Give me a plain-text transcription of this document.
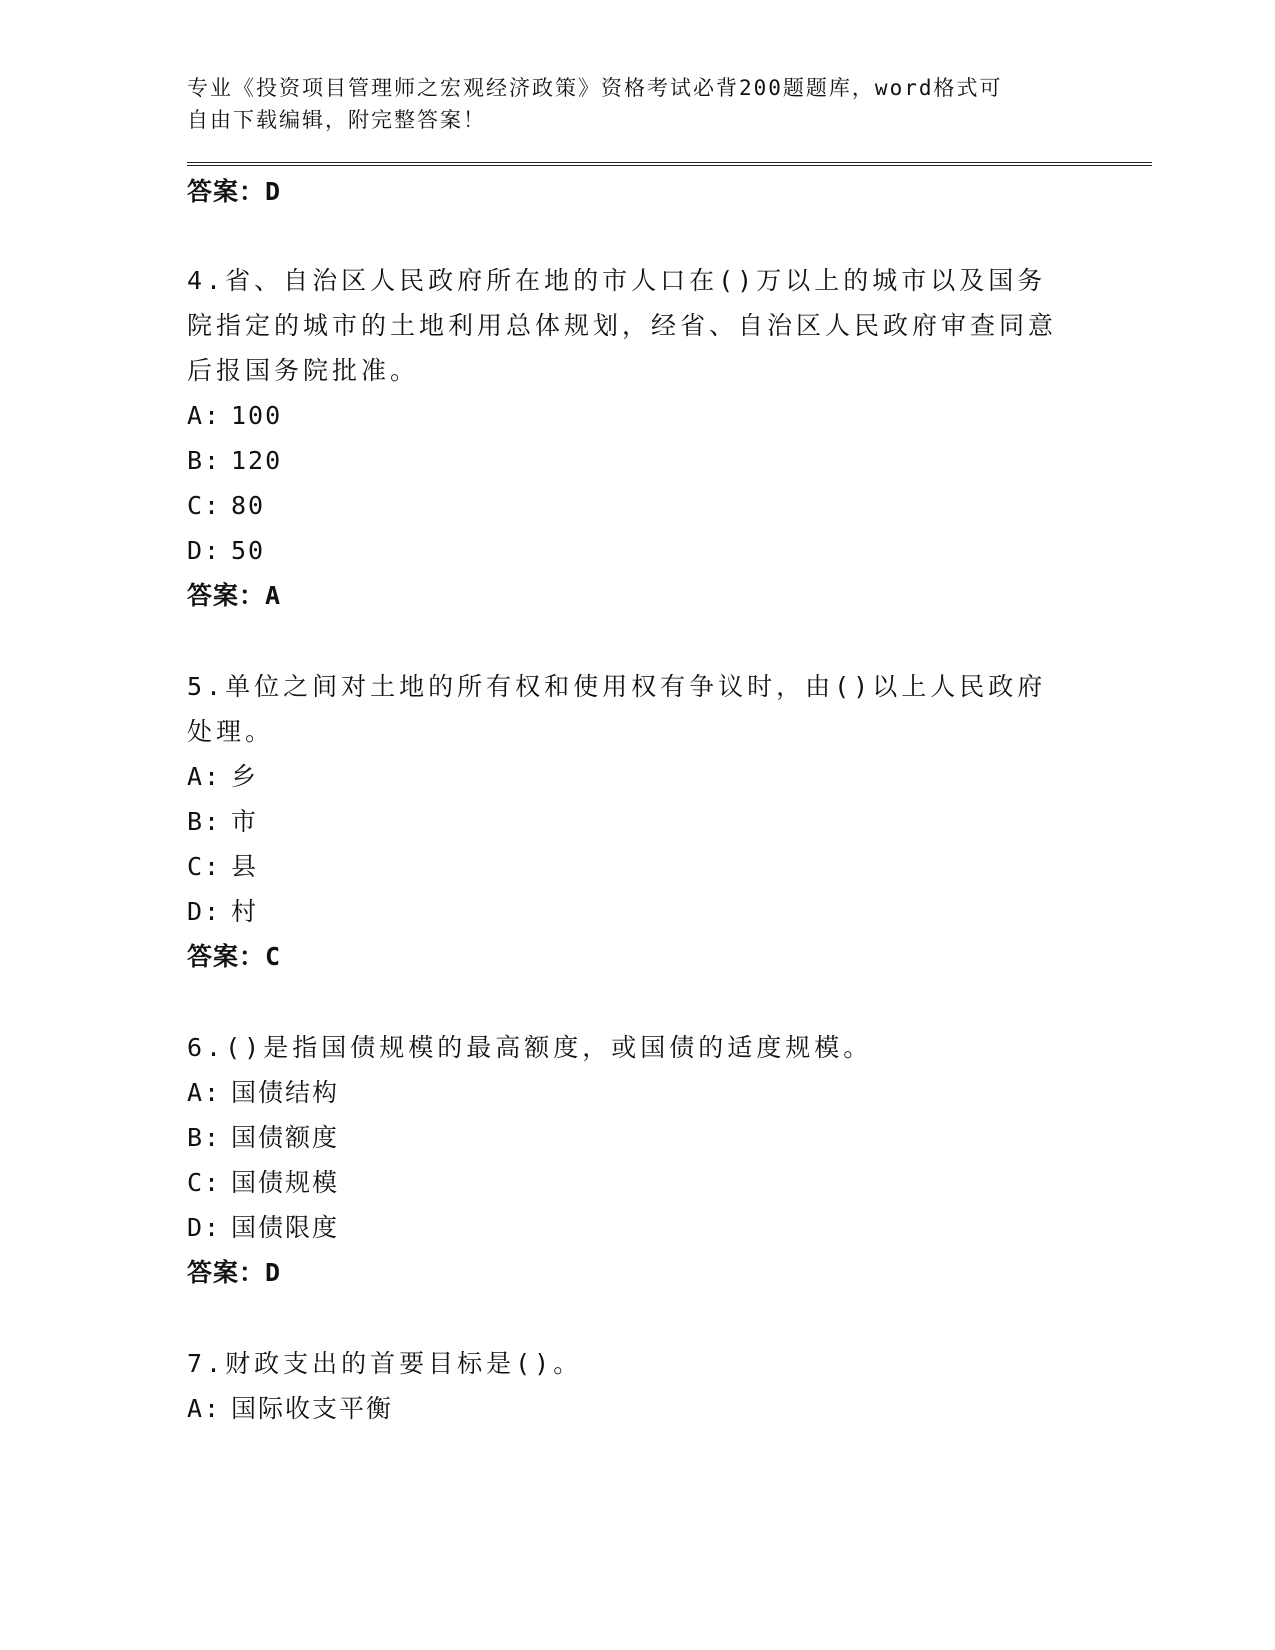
专业《投资项目管理师之宏观经济政策》资格考试必背200题题库，word格式可
自由下载编辑，附完整答案！
答案：D
4.省、自治区人民政府所在地的市人口在()万以上的城市以及国务院指定的城市的土地利用总体规划，经省、自治区人民政府审查同意后报国务院批准。
A: 100
B: 120
C: 80
D: 50
答案：A
5.单位之间对土地的所有权和使用权有争议时，由()以上人民政府处理。
A: 乡
B: 市
C: 县
D: 村
答案：C
6.()是指国债规模的最高额度，或国债的适度规模。
A: 国债结构
B: 国债额度
C: 国债规模
D: 国债限度
答案：D
7.财政支出的首要目标是()。
A: 国际收支平衡
